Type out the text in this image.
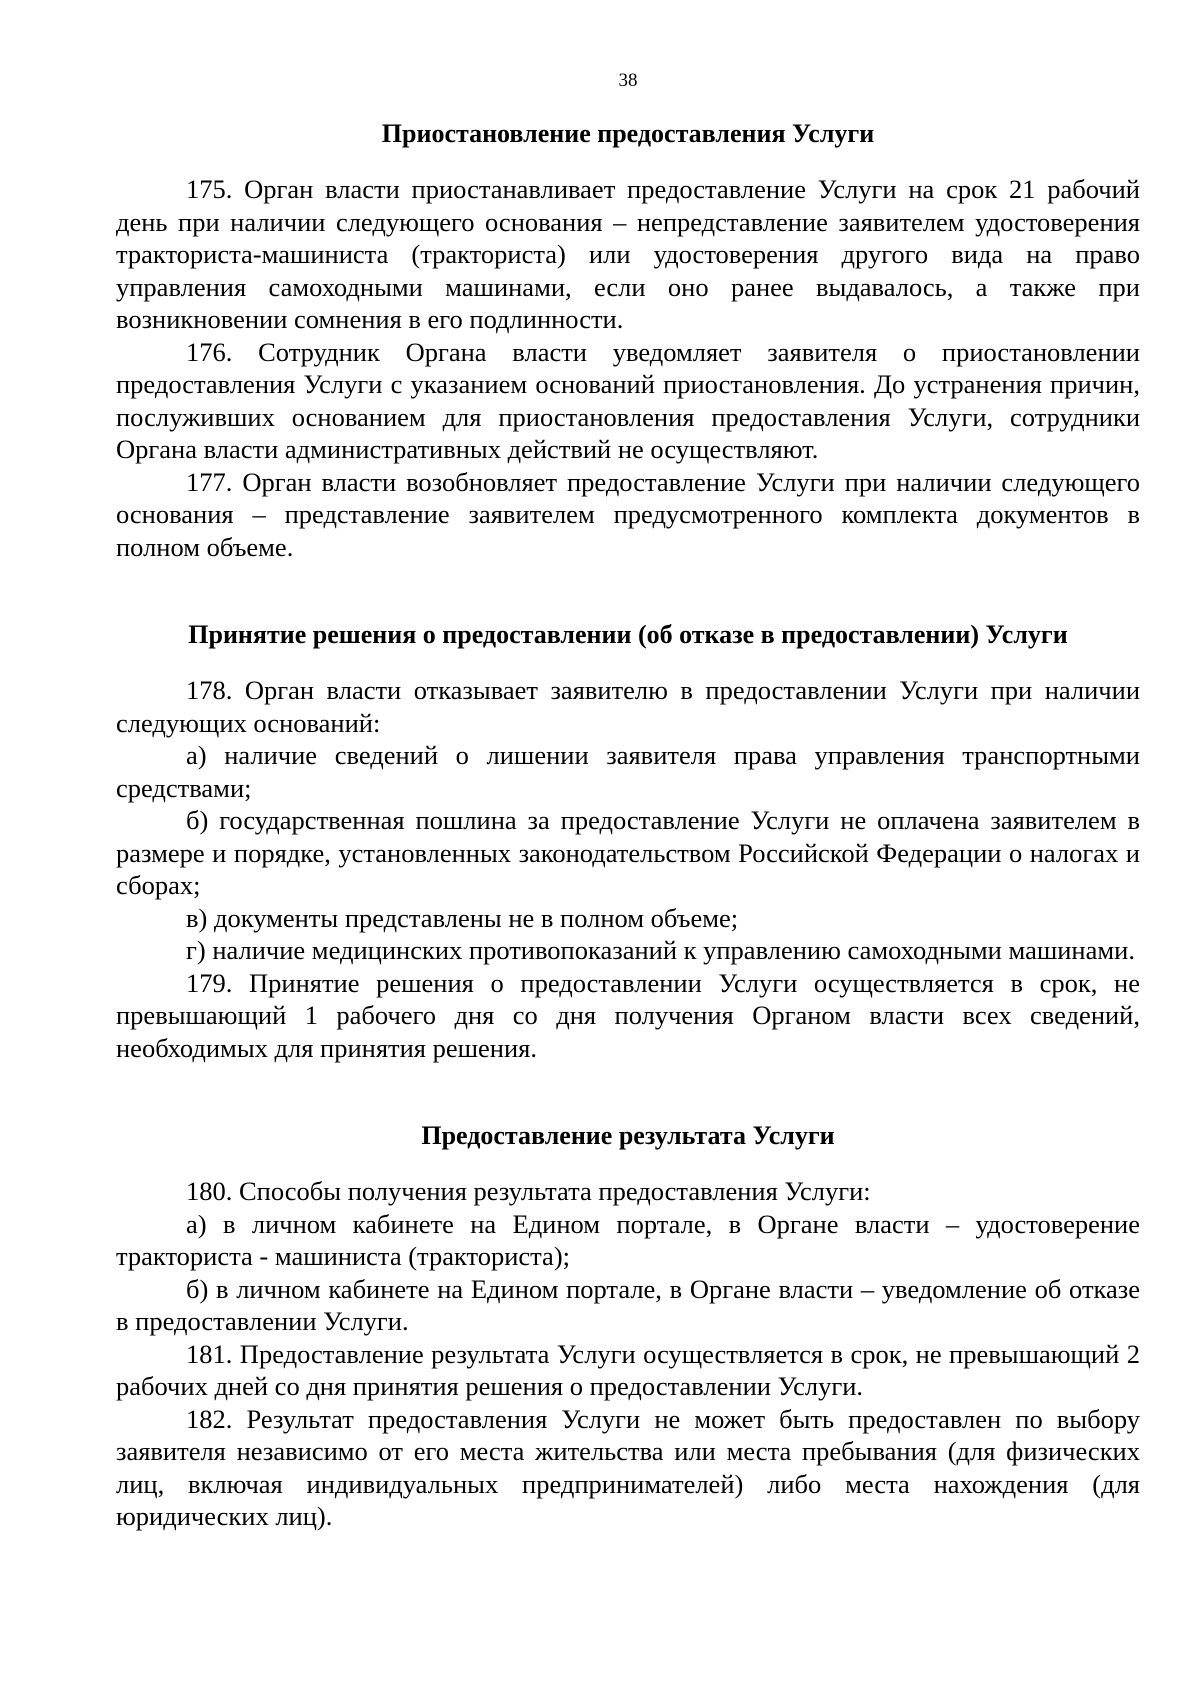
38
Приостановление предоставления Услуги

175. Орган власти приостанавливает предоставление Услуги на срок 21 рабочий день при наличии следующего основания – непредставление заявителем удостоверения тракториста-машиниста (тракториста) или удостоверения другого вида на право управления самоходными машинами, если оно ранее выдавалось, а также при возникновении сомнения в его подлинности.

176. Сотрудник Органа власти уведомляет заявителя о приостановлении предоставления Услуги с указанием оснований приостановления. До устранения причин, послуживших основанием для приостановления предоставления Услуги, сотрудники Органа власти административных действий не осуществляют.

177. Орган власти возобновляет предоставление Услуги при наличии следующего основания – представление заявителем предусмотренного комплекта документов в полном объеме.

Принятие решения о предоставлении (об отказе в предоставлении) Услуги

178. Орган власти отказывает заявителю в предоставлении Услуги при наличии следующих оснований:

а) наличие сведений о лишении заявителя права управления транспортными средствами;

б) государственная пошлина за предоставление Услуги не оплачена заявителем в размере и порядке, установленных законодательством Российской Федерации о налогах и сборах;

в) документы представлены не в полном объеме;

г) наличие медицинских противопоказаний к управлению самоходными машинами.

179. Принятие решения о предоставлении Услуги осуществляется в срок, не превышающий 1 рабочего дня со дня получения Органом власти всех сведений, необходимых для принятия решения.

Предоставление результата Услуги

180. Способы получения результата предоставления Услуги:

а) в личном кабинете на Едином портале, в Органе власти – удостоверение тракториста - машиниста (тракториста);

б) в личном кабинете на Едином портале, в Органе власти – уведомление об отказе в предоставлении Услуги.

181. Предоставление результата Услуги осуществляется в срок, не превышающий 2 рабочих дней со дня принятия решения о предоставлении Услуги.

182. Результат предоставления Услуги не может быть предоставлен по выбору заявителя независимо от его места жительства или места пребывания (для физических лиц, включая индивидуальных предпринимателей) либо места нахождения (для юридических лиц).
